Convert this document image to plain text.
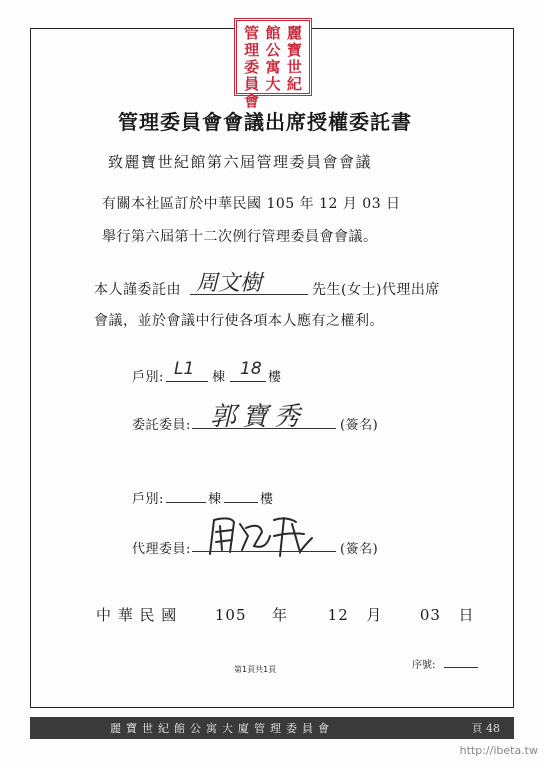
麗
寶
世
紀
館
公
寓
大
管
理
委
員
會
管理委員會會議出席授權委託書
致麗寶世紀館第六屆管理委員會會議
有關本社區訂於中華民國 105 年 12 月 03 日
舉行第六屆第十二次例行管理委員會會議。
本人謹委託由 周文樹	先生(女士)代理出席
會議，並於會議中行使各項本人應有之權利。
戶別: L1 棟 18 樓
委託委員: 郭寶秀	(簽名)
戶別:	棟	樓
代理委員:	(簽名)
中 華 民 國	105 年	12 月	03 日
第1頁共1頁	序號:
麗寶世紀館公寓大廈管理委員會	頁 48
http://ibeta.tw
